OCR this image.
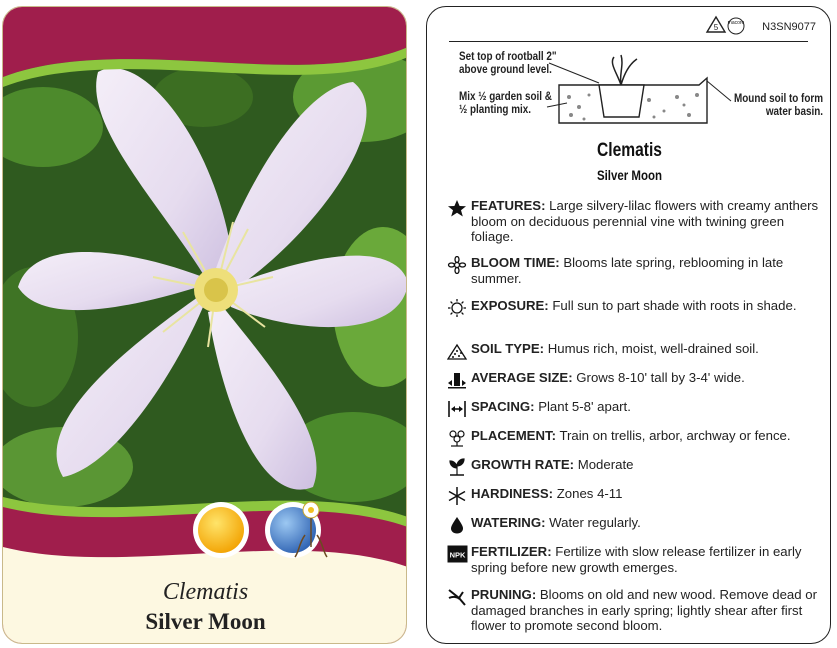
Clematis
Silver Moon
5 macore N3SN9077
Set top of rootball 2" above ground level.
Mix ½ garden soil & ½ planting mix.
Mound soil to form water basin.
Clematis
Silver Moon
FEATURES: Large silvery-lilac flowers with creamy anthers bloom on deciduous perennial vine with twining green foliage.
BLOOM TIME: Blooms late spring, reblooming in late summer.
EXPOSURE: Full sun to part shade with roots in shade.
SOIL TYPE: Humus rich, moist, well-drained soil.
AVERAGE SIZE: Grows 8-10' tall by 3-4' wide.
SPACING: Plant 5-8' apart.
PLACEMENT: Train on trellis, arbor, archway or fence.
GROWTH RATE: Moderate
HARDINESS: Zones 4-11
WATERING: Water regularly.
NPK FERTILIZER: Fertilize with slow release fertilizer in early spring before new growth emerges.
PRUNING: Blooms on old and new wood. Remove dead or damaged branches in early spring; lightly shear after first flower to promote second bloom.
